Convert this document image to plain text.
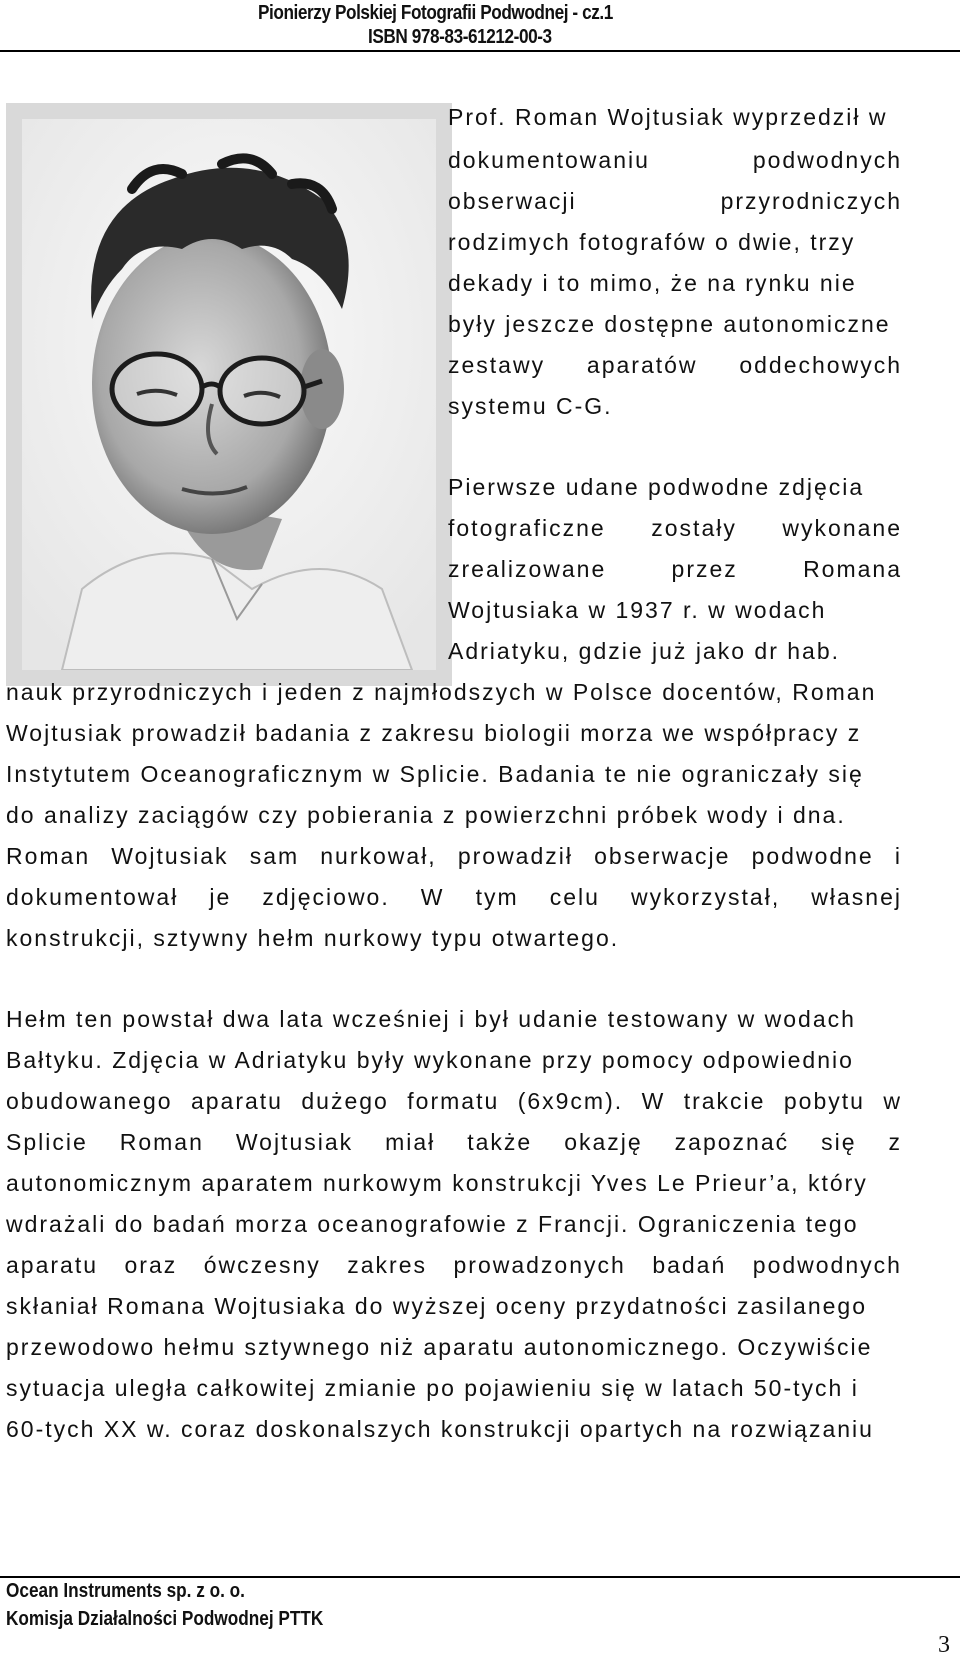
Pionierzy Polskiej Fotografii Podwodnej - cz.1
ISBN 978-83-61212-00-3
Prof. Roman Wojtusiak wyprzedził w
dokumentowaniu	podwodnych
obserwacji	przyrodniczych
rodzimych fotografów o dwie, trzy
dekady i to mimo, że na rynku nie
były jeszcze dostępne autonomiczne
zestawy aparatów oddechowych
systemu C-G.
Pierwsze udane podwodne zdjęcia
fotograficzne zostały wykonane
zrealizowane	przez	Romana
Wojtusiaka w 1937 r. w wodach
Adriatyku, gdzie już jako dr hab.
nauk przyrodniczych i jeden z najmłodszych w Polsce docentów, Roman
Wojtusiak prowadził badania z zakresu biologii morza we współpracy z
Instytutem Oceanograficznym w Splicie. Badania te nie ograniczały się
do analizy zaciągów czy pobierania z powierzchni próbek wody i dna.
Roman Wojtusiak sam nurkował, prowadził obserwacje podwodne i
dokumentował je zdjęciowo. W tym celu wykorzystał, własnej
konstrukcji, sztywny hełm nurkowy typu otwartego.
Hełm ten powstał dwa lata wcześniej i był udanie testowany w wodach
Bałtyku. Zdjęcia w Adriatyku były wykonane przy pomocy odpowiednio
obudowanego aparatu dużego formatu (6x9cm). W trakcie pobytu w
Splicie Roman Wojtusiak miał także okazję zapoznać się z
autonomicznym aparatem nurkowym konstrukcji Yves Le Prieur’a, który
wdrażali do badań morza oceanografowie z Francji. Ograniczenia tego
aparatu oraz ówczesny zakres prowadzonych badań podwodnych
skłaniał Romana Wojtusiaka do wyższej oceny przydatności zasilanego
przewodowo hełmu sztywnego niż aparatu autonomicznego. Oczywiście
sytuacja uległa całkowitej zmianie po pojawieniu się w latach 50-tych i
60-tych XX w. coraz doskonalszych konstrukcji opartych na rozwiązaniu
Ocean Instruments sp. z o. o.
Komisja Działalności Podwodnej PTTK
3
